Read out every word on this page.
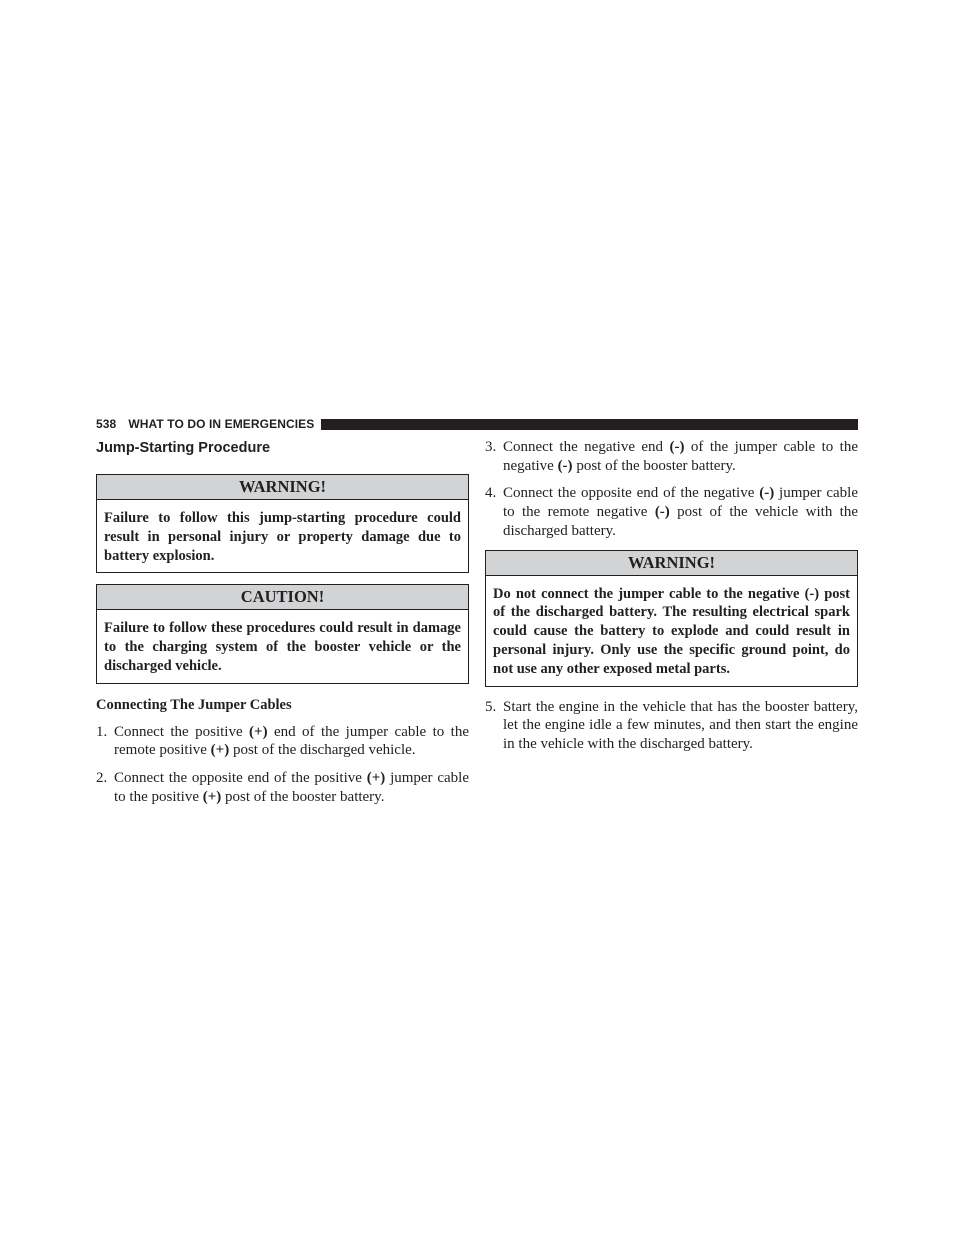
538 WHAT TO DO IN EMERGENCIES
Jump-Starting Procedure
WARNING!
Failure to follow this jump-starting procedure could result in personal injury or property damage due to battery explosion.
CAUTION!
Failure to follow these procedures could result in damage to the charging system of the booster vehicle or the discharged vehicle.
Connecting The Jumper Cables
1. Connect the positive (+) end of the jumper cable to the remote positive (+) post of the discharged vehicle.
2. Connect the opposite end of the positive (+) jumper cable to the positive (+) post of the booster battery.
3. Connect the negative end (-) of the jumper cable to the negative (-) post of the booster battery.
4. Connect the opposite end of the negative (-) jumper cable to the remote negative (-) post of the vehicle with the discharged battery.
WARNING!
Do not connect the jumper cable to the negative (-) post of the discharged battery. The resulting electrical spark could cause the battery to explode and could result in personal injury. Only use the specific ground point, do not use any other exposed metal parts.
5. Start the engine in the vehicle that has the booster battery, let the engine idle a few minutes, and then start the engine in the vehicle with the discharged battery.
